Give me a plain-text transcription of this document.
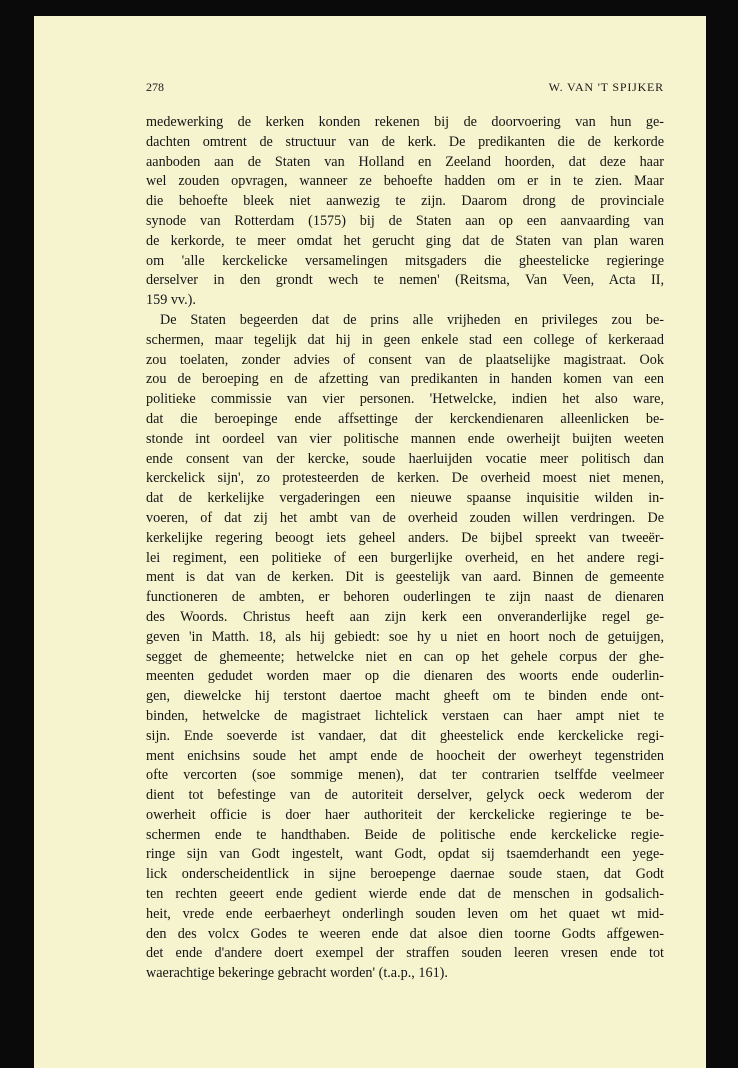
278	W. VAN 'T SPIJKER
medewerking de kerken konden rekenen bij de doorvoering van hun ge-
dachten omtrent de structuur van de kerk. De predikanten die de kerkorde
aanboden aan de Staten van Holland en Zeeland hoorden, dat deze haar
wel zouden opvragen, wanneer ze behoefte hadden om er in te zien. Maar
die behoefte bleek niet aanwezig te zijn. Daarom drong de provinciale
synode van Rotterdam (1575) bij de Staten aan op een aanvaarding van
de kerkorde, te meer omdat het gerucht ging dat de Staten van plan waren
om 'alle kerckelicke versamelingen mitsgaders die gheestelicke regieringe
derselver in den grondt wech te nemen' (Reitsma, Van Veen, Acta II,
159 vv.).
De Staten begeerden dat de prins alle vrijheden en privileges zou be-
schermen, maar tegelijk dat hij in geen enkele stad een college of kerkeraad
zou toelaten, zonder advies of consent van de plaatselijke magistraat. Ook
zou de beroeping en de afzetting van predikanten in handen komen van een
politieke commissie van vier personen. 'Hetwelcke, indien het also ware,
dat die beroepinge ende affsettinge der kerckendienaren alleenlicken be-
stonde int oordeel van vier politische mannen ende owerheijt buijten weeten
ende consent van der kercke, soude haerluijden vocatie meer politisch dan
kerckelick sijn', zo protesteerden de kerken. De overheid moest niet menen,
dat de kerkelijke vergaderingen een nieuwe spaanse inquisitie wilden in-
voeren, of dat zij het ambt van de overheid zouden willen verdringen. De
kerkelijke regering beoogt iets geheel anders. De bijbel spreekt van tweeër-
lei regiment, een politieke of een burgerlijke overheid, en het andere regi-
ment is dat van de kerken. Dit is geestelijk van aard. Binnen de gemeente
functioneren de ambten, er behoren ouderlingen te zijn naast de dienaren
des Woords. Christus heeft aan zijn kerk een onveranderlijke regel ge-
geven 'in Matth. 18, als hij gebiedt: soe hy u niet en hoort noch de getuijgen,
segget de ghemeente; hetwelcke niet en can op het gehele corpus der ghe-
meenten gedudet worden maer op die dienaren des woorts ende ouderlin-
gen, diewelcke hij terstont daertoe macht gheeft om te binden ende ont-
binden, hetwelcke de magistraet lichtelick verstaen can haer ampt niet te
sijn. Ende soeverde ist vandaer, dat dit gheestelick ende kerckelicke regi-
ment enichsins soude het ampt ende de hoocheit der owerheyt tegenstriden
ofte vercorten (soe sommige menen), dat ter contrarien tselffde veelmeer
dient tot befestinge van de autoriteit derselver, gelyck oeck wederom der
owerheit officie is doer haer authoriteit der kerckelicke regieringe te be-
schermen ende te handthaben. Beide de politische ende kerckelicke regie-
ringe sijn van Godt ingestelt, want Godt, opdat sij tsaemderhandt een yege-
lick onderscheidentlick in sijne beroepenge daernae soude staen, dat Godt
ten rechten geeert ende gedient wierde ende dat de menschen in godsalich-
heit, vrede ende eerbaerheyt onderlingh souden leven om het quaet wt mid-
den des volcx Godes te weeren ende dat alsoe dien toorne Godts affgewen-
det ende d'andere doert exempel der straffen souden leeren vresen ende tot
waerachtige bekeringe gebracht worden' (t.a.p., 161).
